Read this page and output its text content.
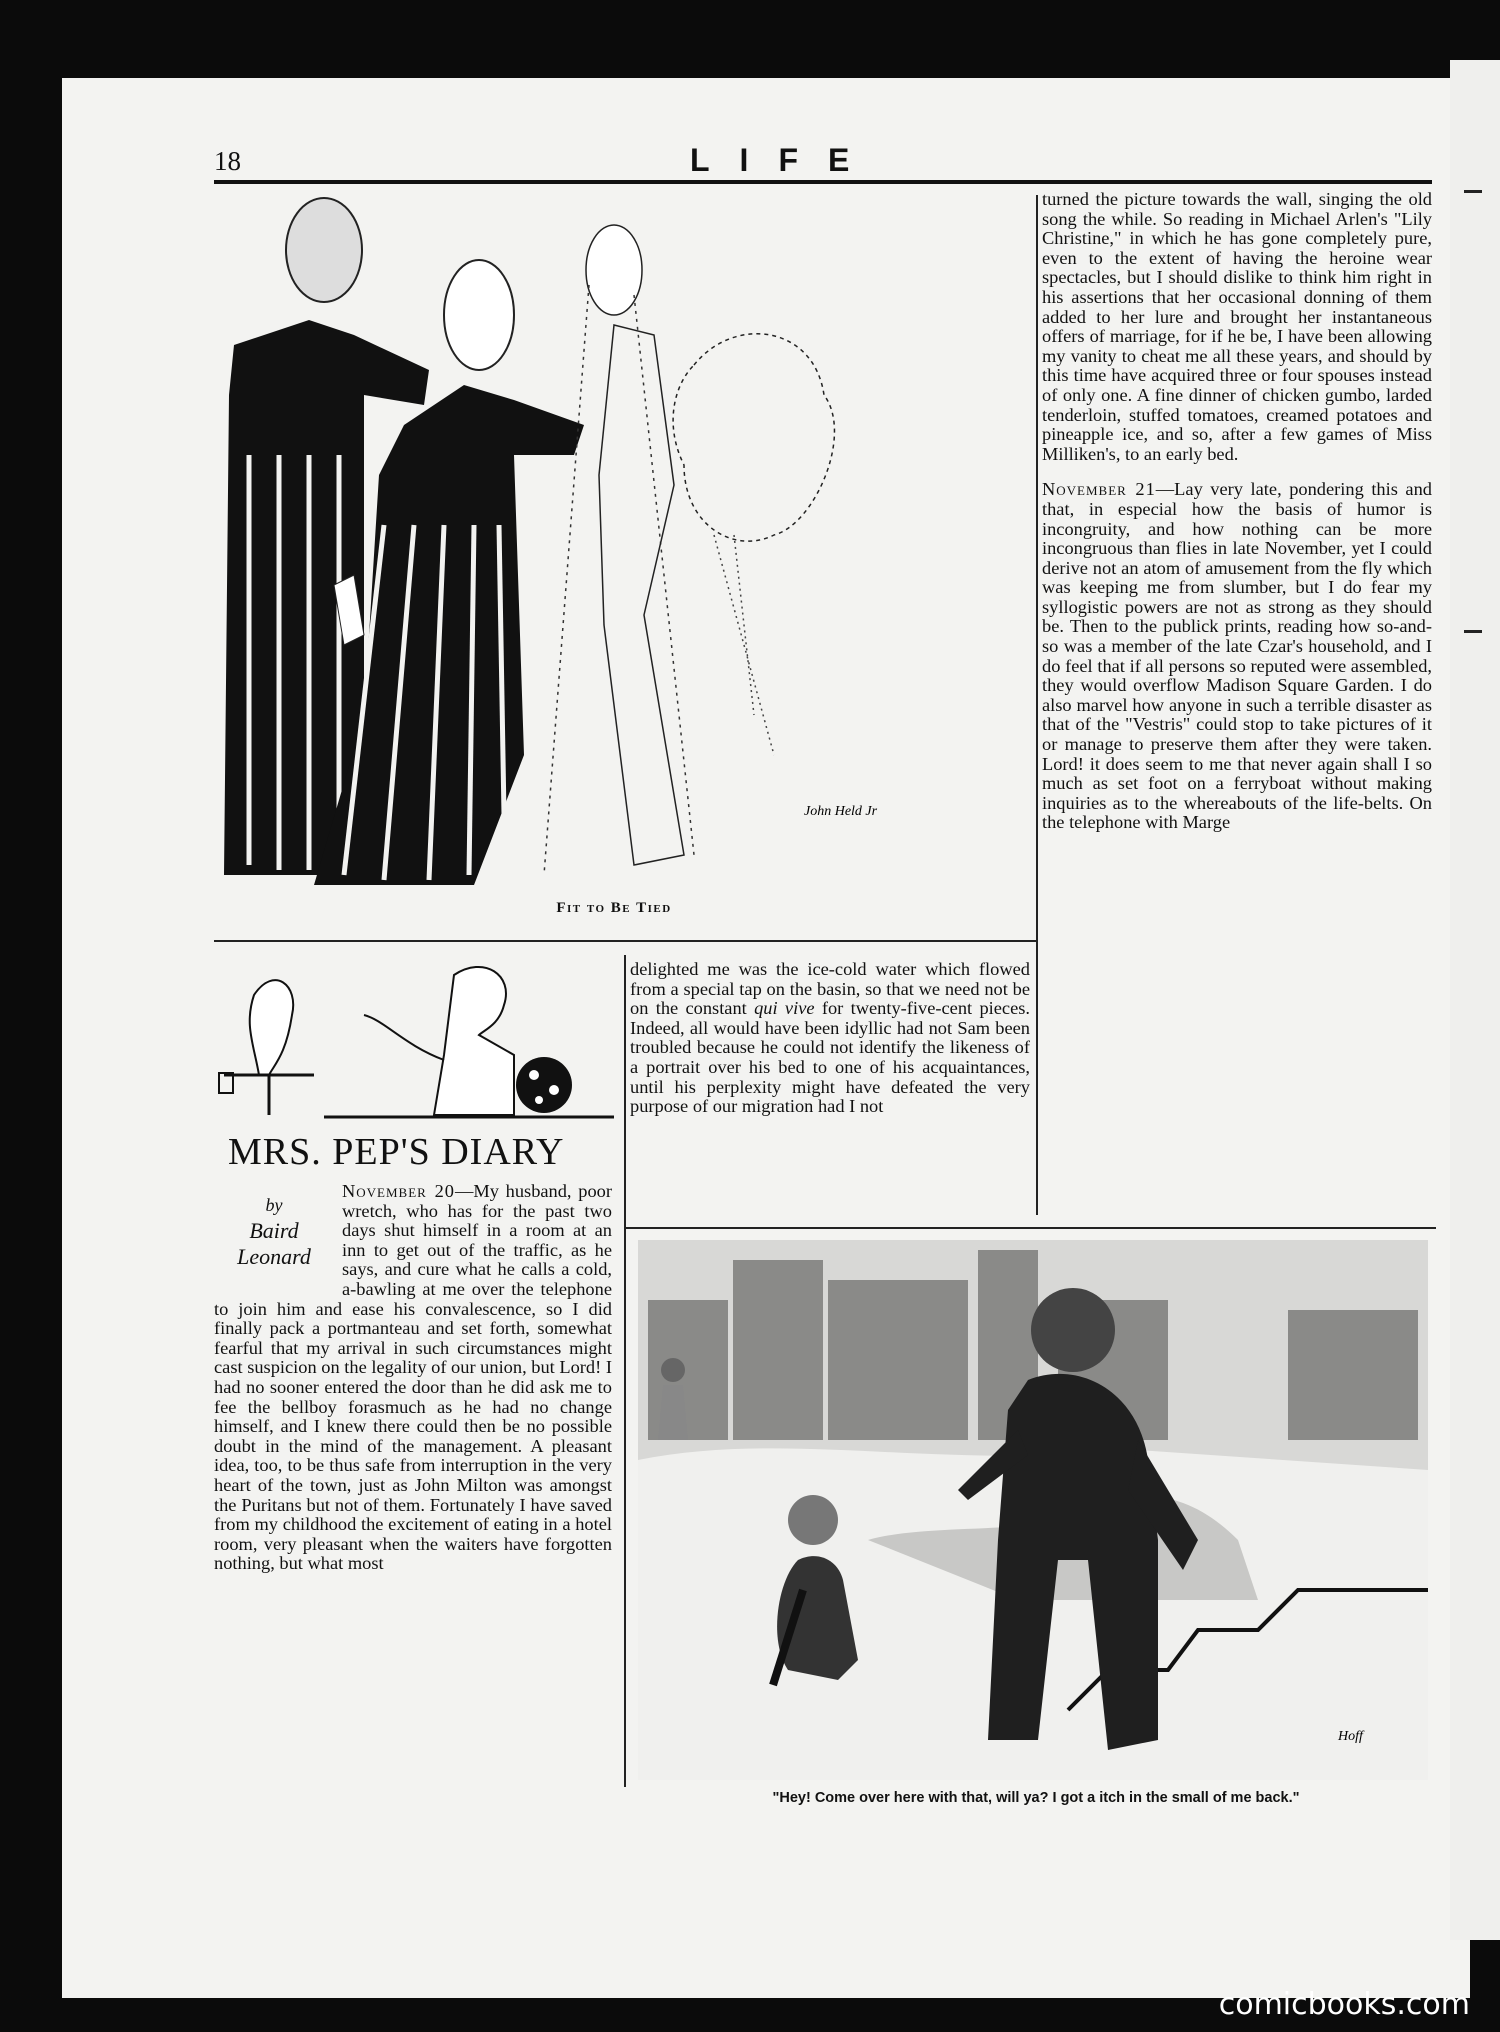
18	LIFE
John Held Jr
Fit to Be Tied
MRS. PEP'S DIARY
by
Baird
Leonard

November 20—My husband, poor wretch, who has for the past two days shut himself in a room at an inn to get out of the traffic, as he says, and cure what he calls a cold, a-bawling at me over the telephone to join him and ease his convalescence, so I did finally pack a portmanteau and set forth, somewhat fearful that my arrival in such circumstances might cast suspicion on the legality of our union, but Lord! I had no sooner entered the door than he did ask me to fee the bellboy forasmuch as he had no change himself, and I knew there could then be no possible doubt in the mind of the management. A pleasant idea, too, to be thus safe from interruption in the very heart of the town, just as John Milton was amongst the Puritans but not of them. Fortunately I have saved from my childhood the excitement of eating in a hotel room, very pleasant when the waiters have forgotten nothing, but what most

delighted me was the ice-cold water which flowed from a special tap on the basin, so that we need not be on the constant qui vive for twenty-five-cent pieces. Indeed, all would have been idyllic had not Sam been troubled because he could not identify the likeness of a portrait over his bed to one of his acquaintances, until his perplexity might have defeated the very purpose of our migration had I not

turned the picture towards the wall, singing the old song the while. So reading in Michael Arlen's "Lily Christine," in which he has gone completely pure, even to the extent of having the heroine wear spectacles, but I should dislike to think him right in his assertions that her occasional donning of them added to her lure and brought her instantaneous offers of marriage, for if he be, I have been allowing my vanity to cheat me all these years, and should by this time have acquired three or four spouses instead of only one. A fine dinner of chicken gumbo, larded tenderloin, stuffed tomatoes, creamed potatoes and pineapple ice, and so, after a few games of Miss Milliken's, to an early bed.

November 21—Lay very late, pondering this and that, in especial how the basis of humor is incongruity, and how nothing can be more incongruous than flies in late November, yet I could derive not an atom of amusement from the fly which was keeping me from slumber, but I do fear my syllogistic powers are not as strong as they should be. Then to the publick prints, reading how so-and-so was a member of the late Czar's household, and I do feel that if all persons so reputed were assembled, they would overflow Madison Square Garden. I do also marvel how anyone in such a terrible disaster as that of the "Vestris" could stop to take pictures of it or manage to preserve them after they were taken. Lord! it does seem to me that never again shall I so much as set foot on a ferryboat without making inquiries as to the whereabouts of the life-belts. On the telephone with Marge

Hoff
"Hey! Come over here with that, will ya? I got a itch in the small of me back."
comicbooks.com
